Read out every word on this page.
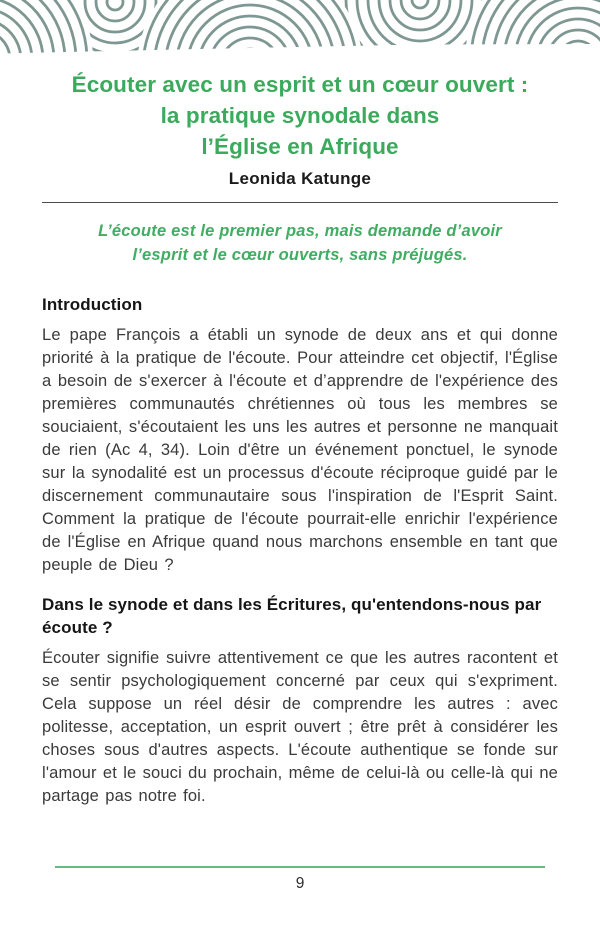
Écouter avec un esprit et un cœur ouvert :
la pratique synodale dans
l’Église en Afrique
Leonida Katunge
L’écoute est le premier pas, mais demande d’avoir
l’esprit et le cœur ouverts, sans préjugés.
Introduction

Le pape François a établi un synode de deux ans et qui donne priorité à la pratique de l'écoute. Pour atteindre cet objectif, l'Église a besoin de s'exercer à l'écoute et d’apprendre de l'expérience des premières communautés chrétiennes où tous les membres se souciaient, s'écoutaient les uns les autres et personne ne manquait de rien (Ac 4, 34). Loin d'être un événement ponctuel, le synode sur la synodalité est un processus d'écoute réciproque guidé par le discernement communautaire sous l'inspiration de l'Esprit Saint. Comment la pratique de l'écoute pourrait-elle enrichir l'expérience de l'Église en Afrique quand nous marchons ensemble en tant que peuple de Dieu ?

Dans le synode et dans les Écritures, qu'entendons-nous par écoute ?

Écouter signifie suivre attentivement ce que les autres racontent et se sentir psychologiquement concerné par ceux qui s'expriment. Cela suppose un réel désir de comprendre les autres : avec politesse, acceptation, un esprit ouvert ; être prêt à considérer les choses sous d'autres aspects. L'écoute authentique se fonde sur l'amour et le souci du prochain, même de celui-là ou celle-là qui ne partage pas notre foi.

9
